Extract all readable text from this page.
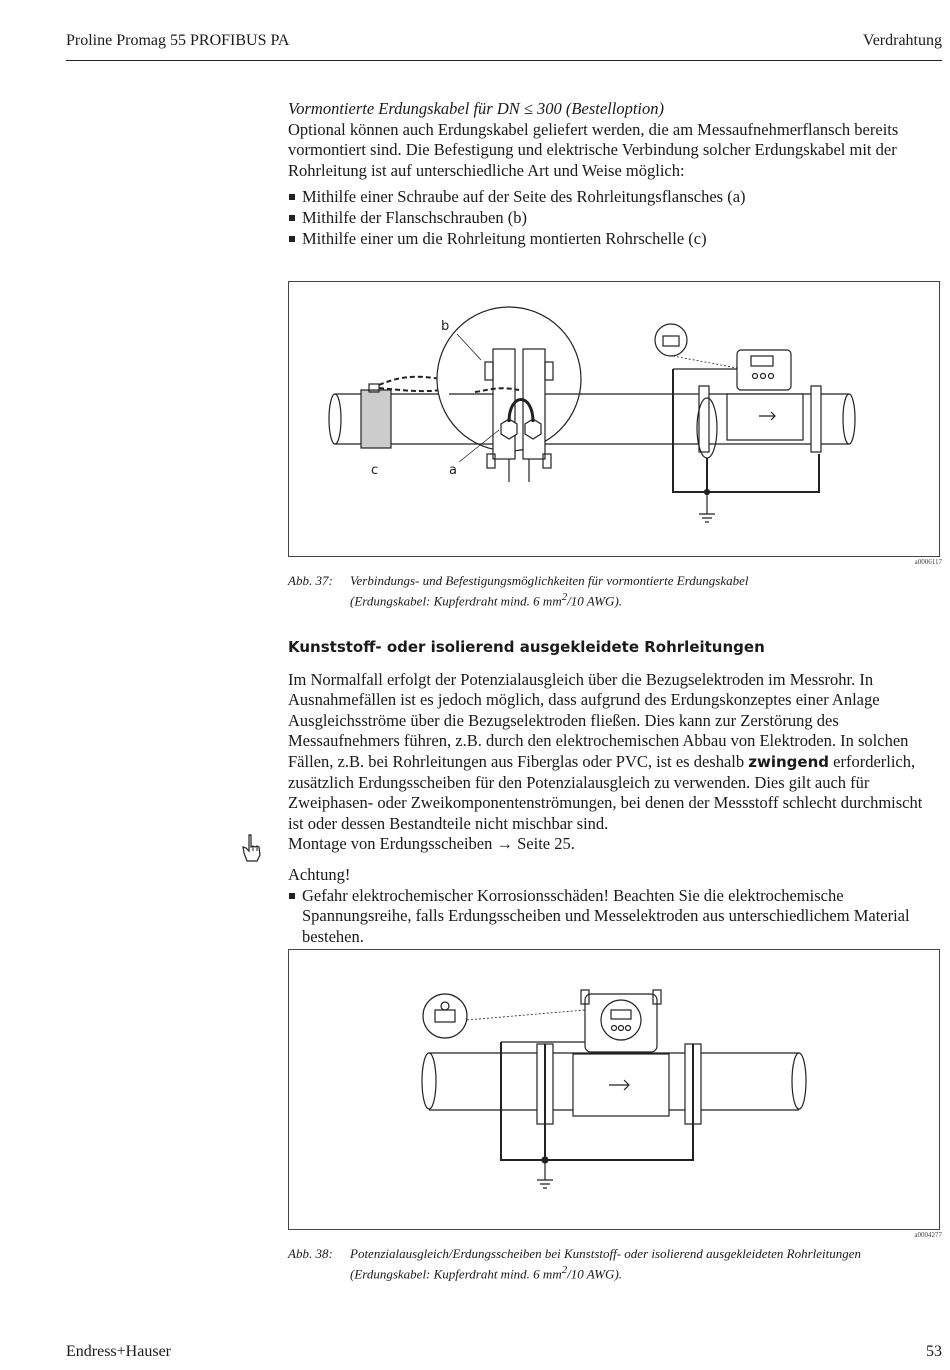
Proline Promag 55 PROFIBUS PA	Verdrahtung

Vormontierte Erdungskabel für DN ≤ 300 (Bestelloption)

Optional können auch Erdungskabel geliefert werden, die am Messaufnehmerflansch bereits vormontiert sind. Die Befestigung und elektrische Verbindung solcher Erdungskabel mit der Rohrleitung ist auf unterschiedliche Art und Weise möglich:

Mithilfe einer Schraube auf der Seite des Rohrleitungsflansches (a)
Mithilfe der Flanschschrauben (b)
Mithilfe einer um die Rohrleitung montierten Rohrschelle (c)
b
c	a
a0006117
Abb. 37: Verbindungs- und Befestigungsmöglichkeiten für vormontierte Erdungskabel
(Erdungskabel: Kupferdraht mind. 6 $mm^2/10$ AWG).

Kunststoff- oder isolierend ausgekleidete Rohrleitungen

Im Normalfall erfolgt der Potenzialausgleich über die Bezugselektroden im Messrohr. In Ausnahmefällen ist es jedoch möglich, dass aufgrund des Erdungskonzeptes einer Anlage Ausgleichsströme über die Bezugselektroden fließen. Dies kann zur Zerstörung des Messaufnehmers führen, z.B. durch den elektrochemischen Abbau von Elektroden. In solchen Fällen, z.B. bei Rohrleitungen aus Fiberglas oder PVC, ist es deshalb zwingend erforderlich, zusätzlich Erdungsscheiben für den Potenzialausgleich zu verwenden. Dies gilt auch für Zweiphasen- oder Zweikomponentenströmungen, bei denen der Messstoff schlecht durchmischt ist oder dessen Bestandteile nicht mischbar sind.

Montage von Erdungsscheiben → Seite 25.

Achtung!

Gefahr elektrochemischer Korrosionsschäden! Beachten Sie die elektrochemische Spannungsreihe, falls Erdungsscheiben und Messelektroden aus unterschiedlichem Material bestehen.
a0004277
Abb. 38: Potenzialausgleich/Erdungsscheiben bei Kunststoff- oder isolierend ausgekleideten Rohrleitungen
(Erdungskabel: Kupferdraht mind. 6 $mm^2/10$ AWG).
Endress+Hauser	53
